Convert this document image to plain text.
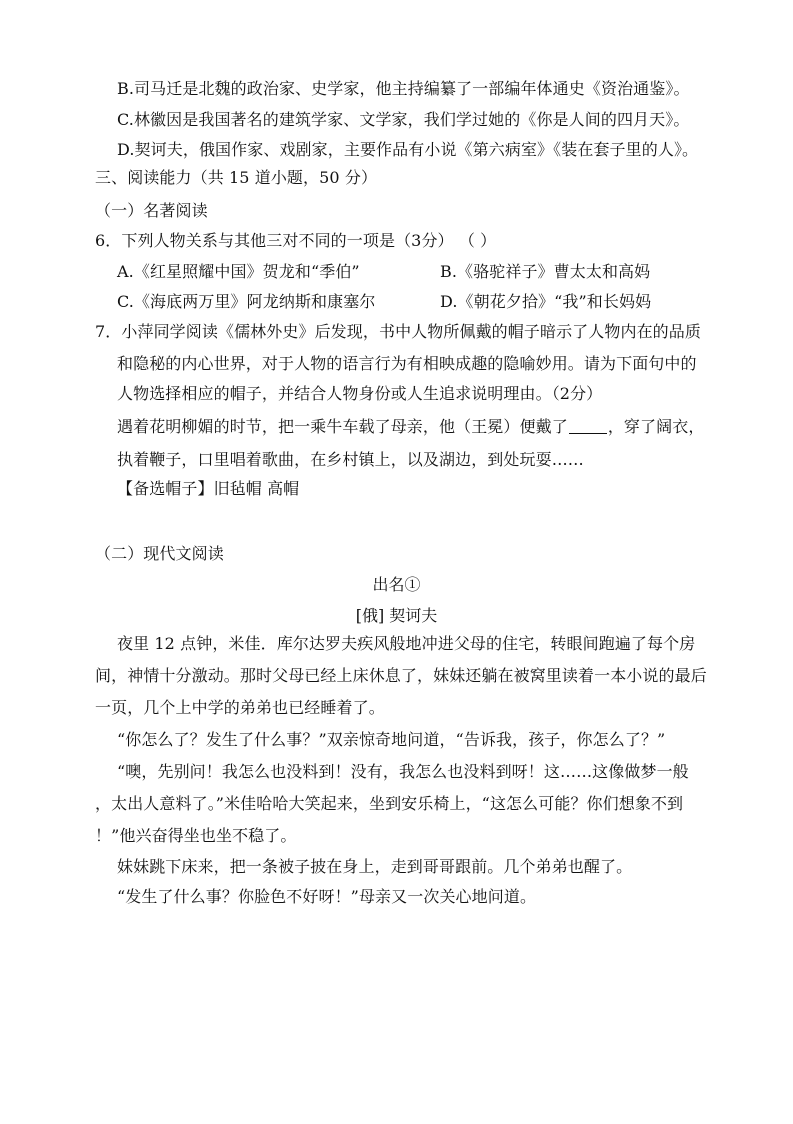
B.司马迁是北魏的政治家、史学家，他主持编纂了一部编年体通史《资治通鉴》。
C.林徽因是我国著名的建筑学家、文学家，我们学过她的《你是人间的四月天》。
D.契诃夫，俄国作家、戏剧家，主要作品有小说《第六病室》《装在套子里的人》。
三、阅读能力（共 15 道小题，50 分）
（一）名著阅读
6．下列人物关系与其他三对不同的一项是（3分） （ ）
A.《红星照耀中国》贺龙和“季伯”	B.《骆驼祥子》曹太太和高妈
C.《海底两万里》阿龙纳斯和康塞尔	D.《朝花夕拾》“我”和长妈妈
7．小萍同学阅读《儒林外史》后发现，书中人物所佩戴的帽子暗示了人物内在的品质
和隐秘的内心世界，对于人物的语言行为有相映成趣的隐喻妙用。请为下面句中的
人物选择相应的帽子，并结合人物身份或人生追求说明理由。（2分）
遇着花明柳媚的时节，把一乘牛车载了母亲，他（王冕）便戴了	，穿了阔衣，
执着鞭子，口里唱着歌曲，在乡村镇上，以及湖边，到处玩耍……
【备选帽子】旧毡帽 高帽
（二）现代文阅读
出名①
[俄] 契诃夫
夜里 12 点钟，米佳．库尔达罗夫疾风般地冲进父母的住宅，转眼间跑遍了每个房
间，神情十分激动。那时父母已经上床休息了，妹妹还躺在被窝里读着一本小说的最后
一页，几个上中学的弟弟也已经睡着了。
“你怎么了？发生了什么事？”双亲惊奇地问道，“告诉我，孩子，你怎么了？”
“噢，先别问！我怎么也没料到！没有，我怎么也没料到呀！这……这像做梦一般
，太出人意料了。”米佳哈哈大笑起来，坐到安乐椅上，“这怎么可能？你们想象不到
！”他兴奋得坐也坐不稳了。
妹妹跳下床来，把一条被子披在身上，走到哥哥跟前。几个弟弟也醒了。
“发生了什么事？你脸色不好呀！”母亲又一次关心地问道。
